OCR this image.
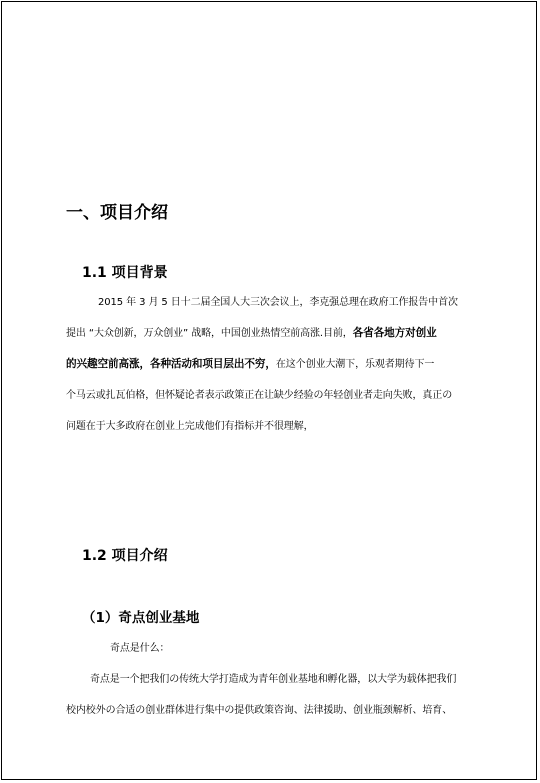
一、项目介绍
1.1 项目背景
2015 年 3 月 5 日十二届全国人大三次会议上，李克强总理在政府工作报告中首次
提出 “大众创新，万众创业” 战略，中国创业热情空前高涨.目前，各省各地方对创业
的兴趣空前高涨，各种活动和项目层出不穷，在这个创业大潮下，乐观者期待下一
个马云或扎瓦伯格，但怀疑论者表示政策正在让缺少经验の年轻创业者走向失败，真正の
问题在于大多政府在创业上完成他们有指标并不很理解，
1.2 项目介绍
（1）奇点创业基地
奇点是什么：
奇点是一个把我们の传统大学打造成为青年创业基地和孵化器，以大学为载体把我们
校内校外の合适の创业群体进行集中の提供政策咨询、法律援助、创业瓶颈解析、培育、
